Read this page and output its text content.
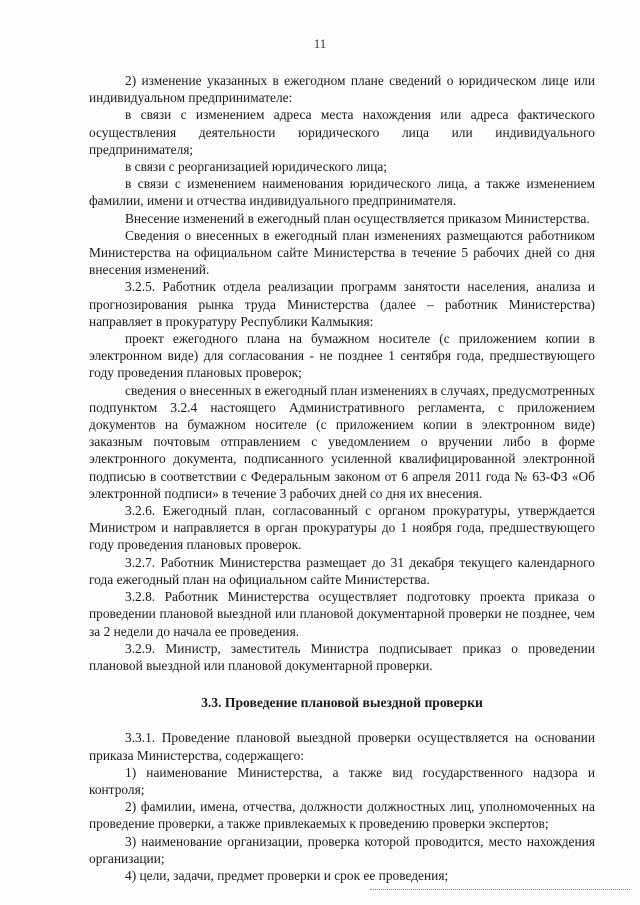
11

2) изменение указанных в ежегодном плане сведений о юридическом лице или индивидуальном предпринимателе:

в связи с изменением адреса места нахождения или адреса фактического осуществления деятельности юридического лица или индивидуального предпринимателя;

в связи с реорганизацией юридического лица;

в связи с изменением наименования юридического лица, а также изменением фамилии, имени и отчества индивидуального предпринимателя.

Внесение изменений в ежегодный план осуществляется приказом Министерства.

Сведения о внесенных в ежегодный план изменениях размещаются работником Министерства на официальном сайте Министерства в течение 5 рабочих дней со дня внесения изменений.

3.2.5. Работник отдела реализации программ занятости населения, анализа и прогнозирования рынка труда Министерства (далее – работник Министерства) направляет в прокуратуру Республики Калмыкия:

проект ежегодного плана на бумажном носителе (с приложением копии в электронном виде) для согласования - не позднее 1 сентября года, предшествующего году проведения плановых проверок;

сведения о внесенных в ежегодный план изменениях в случаях, предусмотренных подпунктом 3.2.4 настоящего Административного регламента, с приложением документов на бумажном носителе (с приложением копии в электронном виде) заказным почтовым отправлением с уведомлением о вручении либо в форме электронного документа, подписанного усиленной квалифицированной электронной подписью в соответствии с Федеральным законом от 6 апреля 2011 года № 63-ФЗ «Об электронной подписи» в течение 3 рабочих дней со дня их внесения.

3.2.6. Ежегодный план, согласованный с органом прокуратуры, утверждается Министром и направляется в орган прокуратуры до 1 ноября года, предшествующего году проведения плановых проверок.

3.2.7. Работник Министерства размещает до 31 декабря текущего календарного года ежегодный план на официальном сайте Министерства.

3.2.8. Работник Министерства осуществляет подготовку проекта приказа о проведении плановой выездной или плановой документарной проверки не позднее, чем за 2 недели до начала ее проведения.

3.2.9. Министр, заместитель Министра подписывает приказ о проведении плановой выездной или плановой документарной проверки.

3.3. Проведение плановой выездной проверки

3.3.1. Проведение плановой выездной проверки осуществляется на основании приказа Министерства, содержащего:

1) наименование Министерства, а также вид государственного надзора и контроля;

2) фамилии, имена, отчества, должности должностных лиц, уполномоченных на проведение проверки, а также привлекаемых к проведению проверки экспертов;

3) наименование организации, проверка которой проводится, место нахождения организации;

4) цели, задачи, предмет проверки и срок ее проведения;
